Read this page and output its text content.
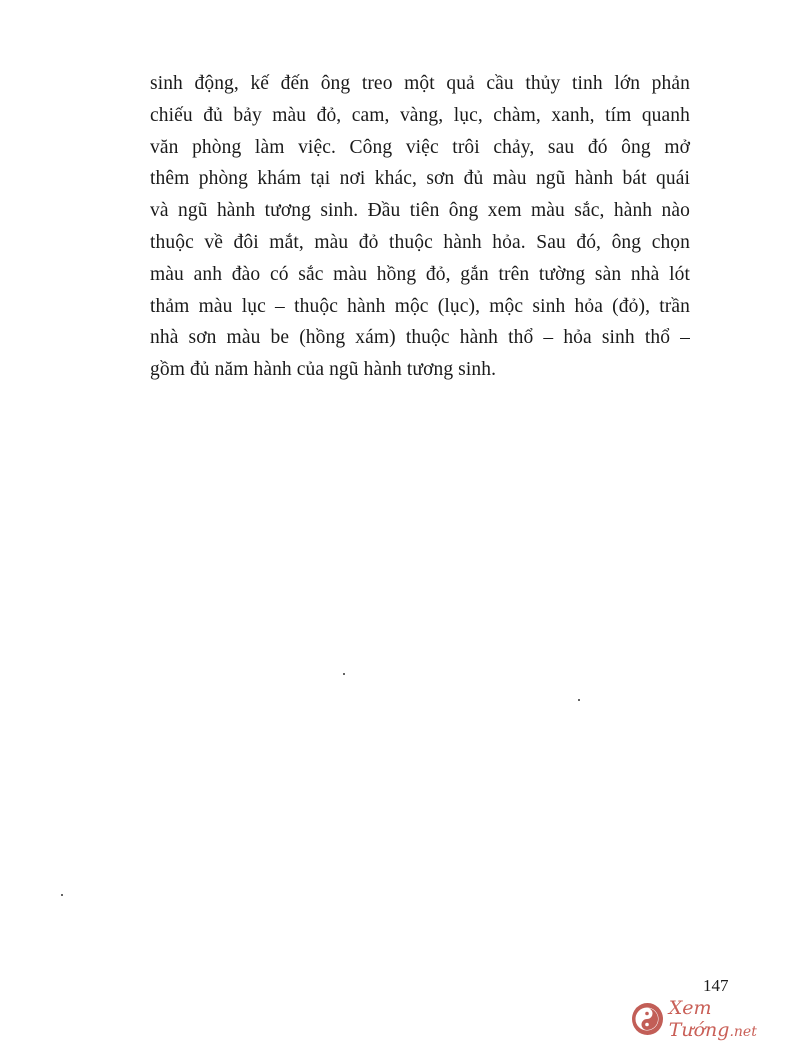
sinh động, kế đến ông treo một quả cầu thủy tinh lớn phản
chiếu đủ bảy màu đỏ, cam, vàng, lục, chàm, xanh, tím quanh
văn phòng làm việc. Công việc trôi chảy, sau đó ông mở
thêm phòng khám tại nơi khác, sơn đủ màu ngũ hành bát quái
và ngũ hành tương sinh. Đầu tiên ông xem màu sắc, hành nào
thuộc về đôi mắt, màu đỏ thuộc hành hỏa. Sau đó, ông chọn
màu anh đào có sắc màu hồng đỏ, gắn trên tường sàn nhà lót
thảm màu lục – thuộc hành mộc (lục), mộc sinh hỏa (đỏ), trần
nhà sơn màu be (hồng xám) thuộc hành thổ – hỏa sinh thổ –
gồm đủ năm hành của ngũ hành tương sinh.
147
Xem Tướng.net
